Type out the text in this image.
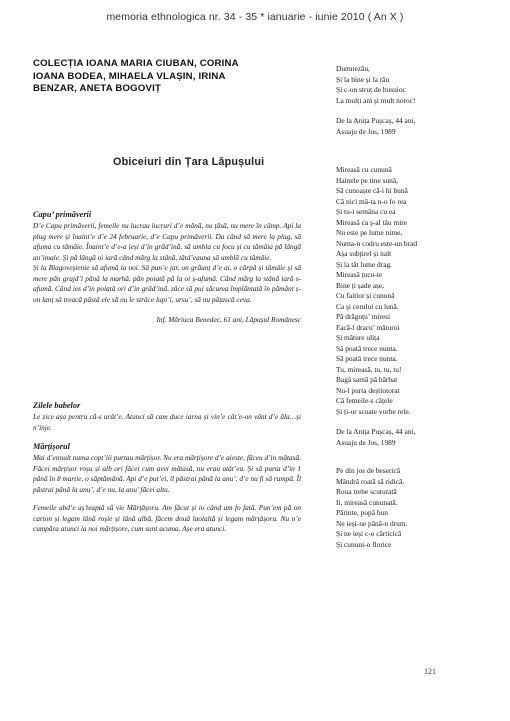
memoria ethnologica nr. 34 - 35 * ianuarie - iunie 2010 ( An X )

COLECȚIA IOANA MARIA CIUBAN, CORINA

IOANA BODEA, MIHAELA VLAȘIN, IRINA

BENZAR, ANETA BOGOVIȚ

Obiceiuri din Țara Lăpușului

Capu’ primăverii

D’e Capu primăverii, femeile nu lucrau lucruri d’e mână, nu țăsă, nu mere în câmp. Api la plug mere și înaint’e d’e 24 februarie, d’e Capu primăverii. Da când să mere la plug, să afuma cu tămâie. Înaint’e d’e-a ieși d’in grăd’ină, să umbla cu focu și cu tămâia pă lângă an’imale. Și pă lângă oi iară când mărg la stână, tătd’eauna să umblă cu tămâie.

Și la Blagoveștenie să afumă la noi. Să pun’e jar, on grăunț d’e ai, o cârpă și tămâie și să mere păn grajd’i până la marhă, păn poiată pă la oi ș-afumă. Când mărg la stână iară s-afumă. Când ies d’in poiată ori d’in grăd’ină, zâce să pui săcurea împlântată în pământ ș-on lanț să treacă păstă ele să nu le strâce lupi’i, ursu’, să nu pățască ceva.

Inf. Măriuca Benedec, 61 ani, Lăpușul Românesc

Zilele babelor

Le zice așa pentru că-s urât’e. Atunci să cam duce iarna și vin’e cât’e-on vânt d’e ăla…și n’inje.

Mărțișorul

Mai d’ennult numa copt’iii purtau mărțișor. Nu era mărțișore d’e aieste, făceu d’in mătasă. Făcei mărțișor roșu și alb ori făcei cum avei mătasă, nu erau atât’ea. Și să purta d’in 1 până în 8 martie, o săptămână. Api d’e put’ei, îl păstrai până la anu’, d’e nu fi să rumpă. Îl păstrai până la anu’, d’e nu, la anu’ făcei altu.

Femeile abd’e aș’teaptă să vie Mărțășoru. Am făcut și io când am fo fată. Pun’em pă on carton și legam lână roșie și lână albă, făcem două laolaltă și legam mărțășoru. Nu n’e cumpăra atunci la noi mărțișore, cum sunt acuma. Așe era atunci.

Dumnezău,
Și la bine și la rău
Și c-on struț de busuioc
La mulți ani și mult noroc!
De la Anița Pușcaș, 44 ani,
Asuaju de Jos, 1989
Mireasă cu cunună
Hainele pe tine sună,
Să cunoaște că-i hi bună
Că nici mă-ta n-o fo rea
Și tu-i semăna cu ea
Mireasă ca ș-al tău mire
Nu este pe lume nime.
Numa-n codru este-un brad
Așa subțirel și nalt
Și la tăt lume drag.
Mireasă țucu-te
Bine ți șade așe,
Cu faitior și cunună
Ca și cerului cu lună.
Pă drăguțu’ miresi
Facă-l dracu’ măturoi
Și măture ulița
Să poată trece nunta.
Să poată trece nunta.
Tu, mireasă, tu, tu, tu!
Bagă samă pă bărbat
Nu-l purta deștiotorat
Că femeile-s cățele
Și ți-or scoate vorbe rele.
De la Anița Pușcaș, 44 ani,
Asuaju de Jos, 1989
Pe din jos de beserică
Mândră roată să ridică.
Roua trebe scuturată
Ii, mireasă cununată.
Părinte, popă bun
Ne ieși-ne până-n drum.
Și ne ieși c-o cărticică
Și cununi-o florice
121
